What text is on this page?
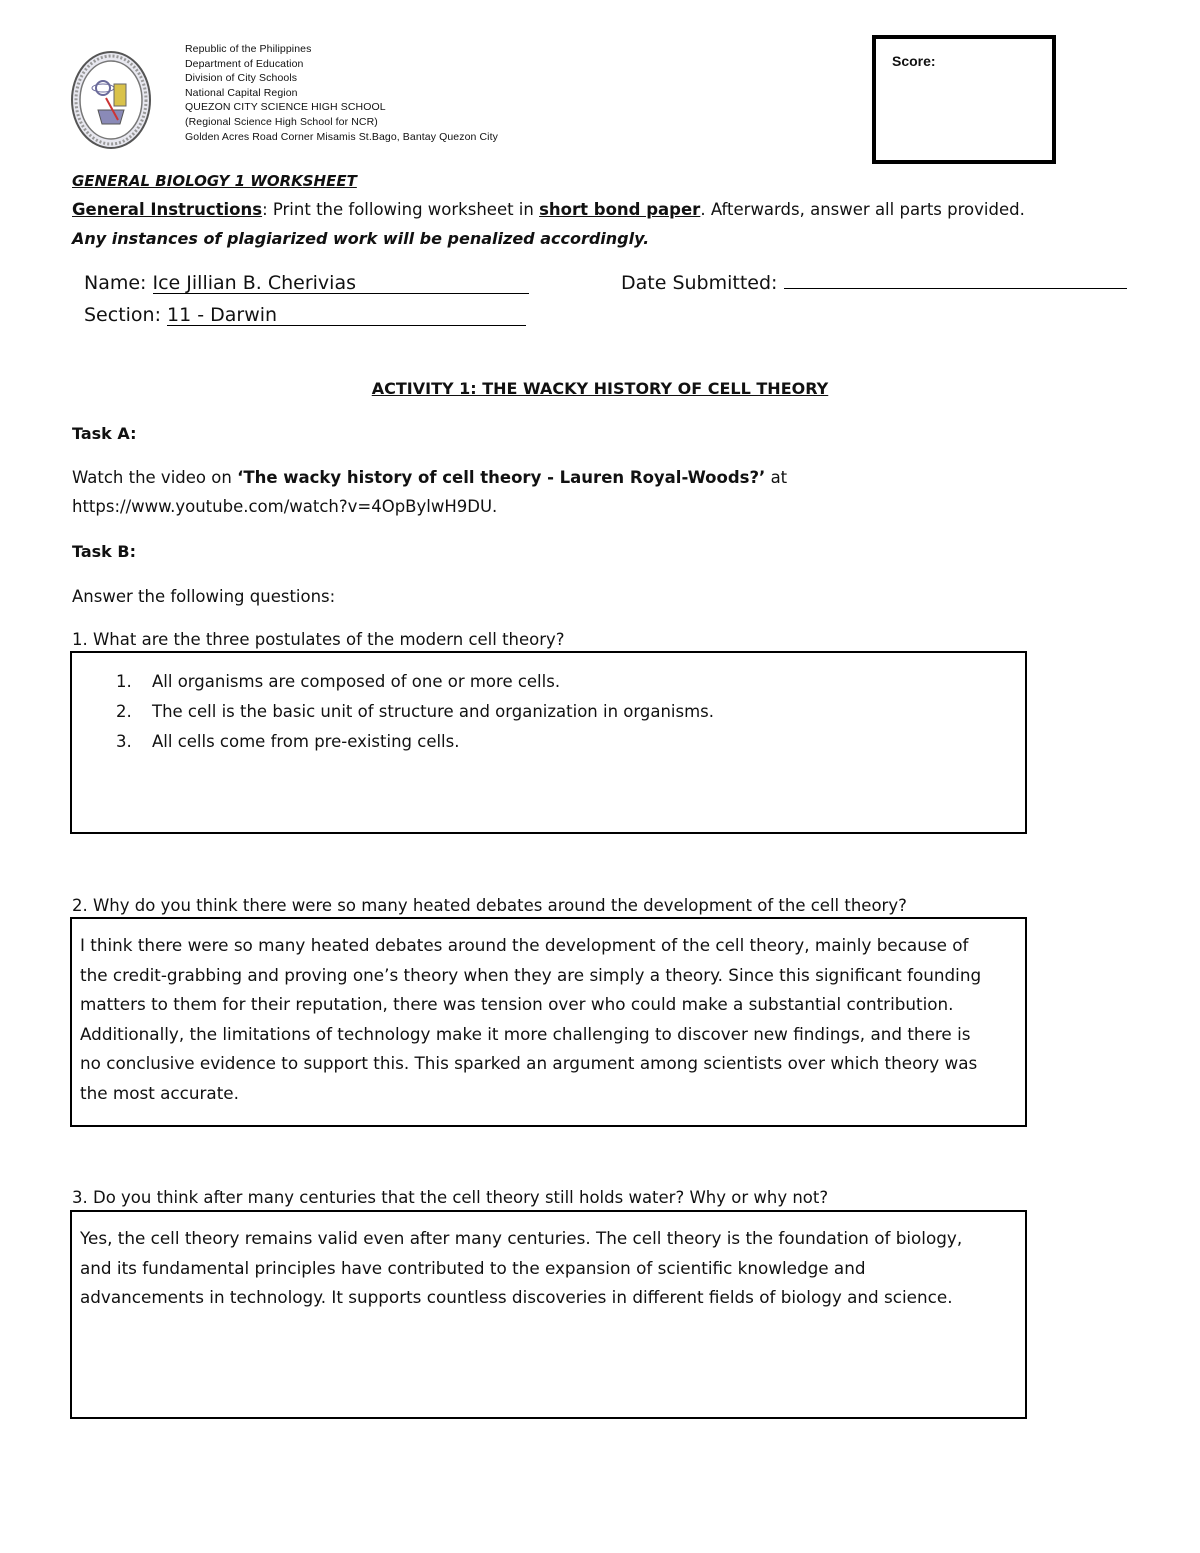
Republic of the Philippines
Department of Education
Division of City Schools
National Capital Region
QUEZON CITY SCIENCE HIGH SCHOOL
(Regional Science High School for NCR)
Golden Acres Road Corner Misamis St.Bago, Bantay Quezon City
Score:
GENERAL BIOLOGY 1 WORKSHEET
General Instructions: Print the following worksheet in short bond paper. Afterwards, answer all parts provided.
Any instances of plagiarized work will be penalized accordingly.
Name: Ice Jillian B. Cherivias
Section: 11 - Darwin
Date Submitted:
ACTIVITY 1: THE WACKY HISTORY OF CELL THEORY
Task A:
Watch the video on ‘The wacky history of cell theory - Lauren Royal-Woods?’ at
https://www.youtube.com/watch?v=4OpBylwH9DU.
Task B:
Answer the following questions:
1. What are the three postulates of the modern cell theory?
1. All organisms are composed of one or more cells.
2. The cell is the basic unit of structure and organization in organisms.
3. All cells come from pre-existing cells.
2. Why do you think there were so many heated debates around the development of the cell theory?
I think there were so many heated debates around the development of the cell theory, mainly because of
the credit-grabbing and proving one’s theory when they are simply a theory. Since this significant founding
matters to them for their reputation, there was tension over who could make a substantial contribution.
Additionally, the limitations of technology make it more challenging to discover new findings, and there is
no conclusive evidence to support this. This sparked an argument among scientists over which theory was
the most accurate.
3. Do you think after many centuries that the cell theory still holds water? Why or why not?
Yes, the cell theory remains valid even after many centuries. The cell theory is the foundation of biology,
and its fundamental principles have contributed to the expansion of scientific knowledge and
advancements in technology. It supports countless discoveries in different fields of biology and science.
